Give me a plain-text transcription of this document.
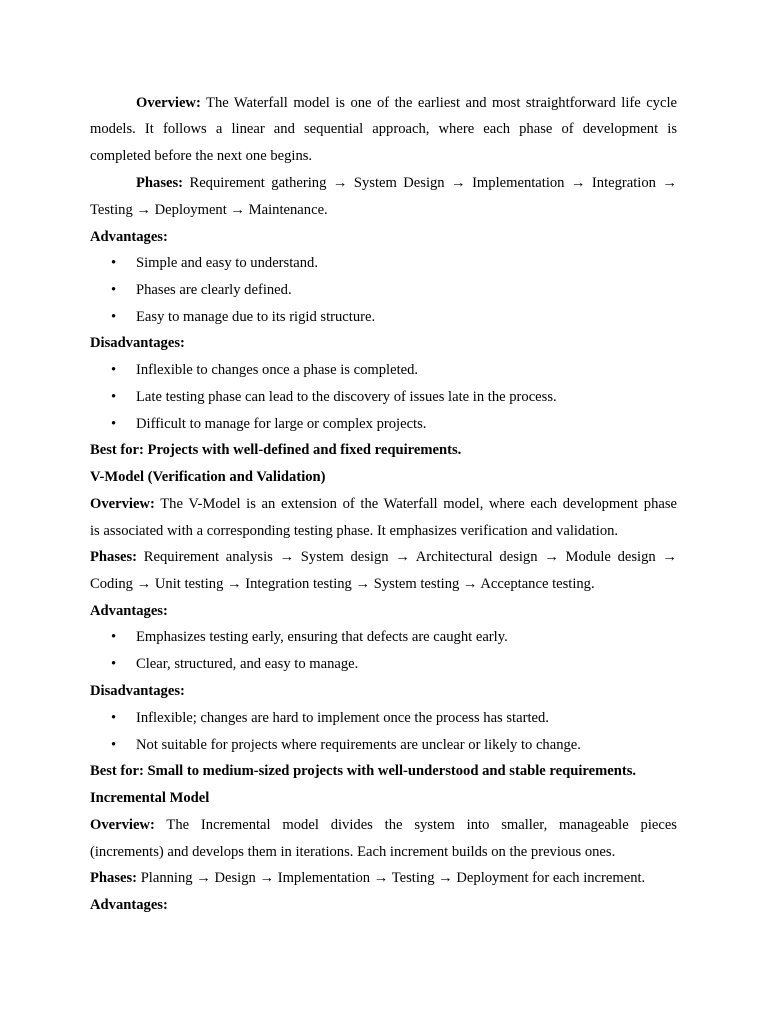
Overview: The Waterfall model is one of the earliest and most straightforward life cycle
models. It follows a linear and sequential approach, where each phase of development is
completed before the next one begins.
Phases: Requirement gathering → System Design → Implementation → Integration →
Testing → Deployment → Maintenance.
Advantages:
• Simple and easy to understand.
• Phases are clearly defined.
• Easy to manage due to its rigid structure.
Disadvantages:
• Inflexible to changes once a phase is completed.
• Late testing phase can lead to the discovery of issues late in the process.
• Difficult to manage for large or complex projects.
Best for: Projects with well-defined and fixed requirements.
V-Model (Verification and Validation)
Overview: The V-Model is an extension of the Waterfall model, where each development phase
is associated with a corresponding testing phase. It emphasizes verification and validation.
Phases: Requirement analysis → System design → Architectural design → Module design →
Coding → Unit testing → Integration testing → System testing → Acceptance testing.
Advantages:
• Emphasizes testing early, ensuring that defects are caught early.
• Clear, structured, and easy to manage.
Disadvantages:
• Inflexible; changes are hard to implement once the process has started.
• Not suitable for projects where requirements are unclear or likely to change.
Best for: Small to medium-sized projects with well-understood and stable requirements.
Incremental Model
Overview: The Incremental model divides the system into smaller, manageable pieces
(increments) and develops them in iterations. Each increment builds on the previous ones.
Phases: Planning → Design → Implementation → Testing → Deployment for each increment.
Advantages:
